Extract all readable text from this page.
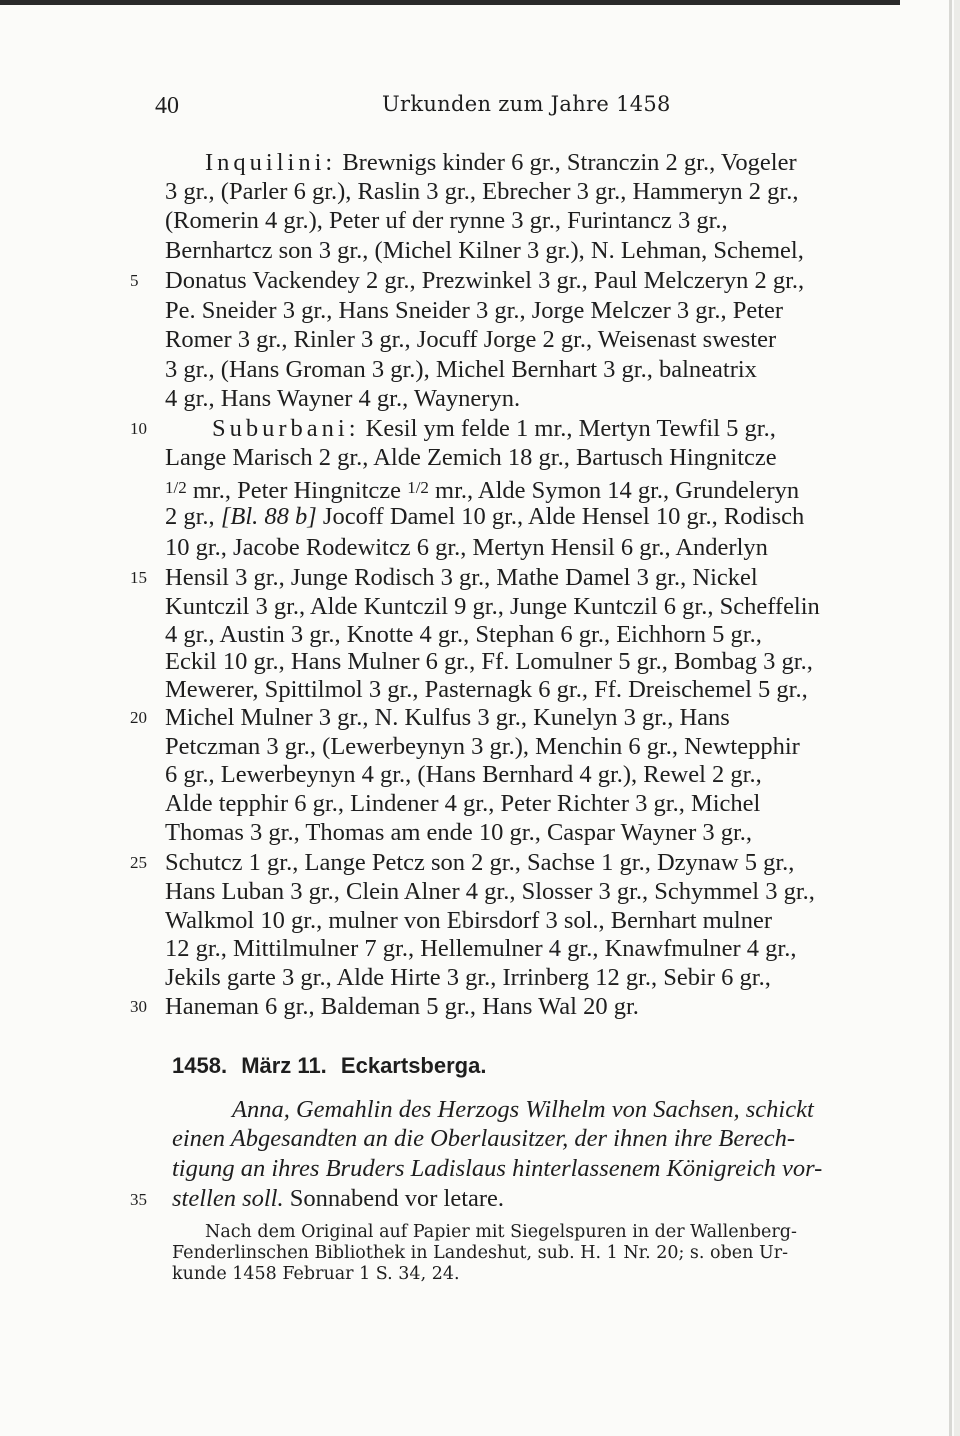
40	Urkunden zum Jahre 1458
5
10
15
20
25
30
35
Inquilini: Brewnigs kinder 6 gr., Stranczin 2 gr., Vogeler
3 gr., (Parler 6 gr.), Raslin 3 gr., Ebrecher 3 gr., Hammeryn 2 gr.,
(Romerin 4 gr.), Peter uf der rynne 3 gr., Furintancz 3 gr.,
Bernhartcz son 3 gr., (Michel Kilner 3 gr.), N. Lehman, Schemel,
Donatus Vackendey 2 gr., Prezwinkel 3 gr., Paul Melczeryn 2 gr.,
Pe. Sneider 3 gr., Hans Sneider 3 gr., Jorge Melczer 3 gr., Peter
Romer 3 gr., Rinler 3 gr., Jocuff Jorge 2 gr., Weisenast swester
3 gr., (Hans Groman 3 gr.), Michel Bernhart 3 gr., balneatrix
4 gr., Hans Wayner 4 gr., Waynerуn.
Suburbani: Kesil ym felde 1 mr., Mertyn Tewfil 5 gr.,
Lange Marisch 2 gr., Alde Zemich 18 gr., Bartusch Hingnitcze
$^{1/2}$ mr., Peter Hingnitcze $^{1/2}$ mr., Alde Symon 14 gr., Grundeleryn
2 gr., [Bl. 88 b] Jocoff Damel 10 gr., Alde Hensel 10 gr., Rodisch
10 gr., Jacobe Rodewitcz 6 gr., Mertyn Hensil 6 gr., Anderlyn
Hensil 3 gr., Junge Rodisch 3 gr., Mathe Damel 3 gr., Nickel
Kuntczil 3 gr., Alde Kuntczil 9 gr., Junge Kuntczil 6 gr., Scheffelin
4 gr., Austin 3 gr., Knotte 4 gr., Stephan 6 gr., Eichhorn 5 gr.,
Eckil 10 gr., Hans Mulner 6 gr., Ff. Lomulner 5 gr., Bombag 3 gr.,
Mewerer, Spittilmol 3 gr., Pasternagk 6 gr., Ff. Dreischemel 5 gr.,
Michel Mulner 3 gr., N. Kulfus 3 gr., Kunelyn 3 gr., Hans
Petczman 3 gr., (Lewerbeynyn 3 gr.), Menchin 6 gr., Newtepphir
6 gr., Lewerbeynyn 4 gr., (Hans Bernhard 4 gr.), Rewel 2 gr.,
Alde tepphir 6 gr., Lindener 4 gr., Peter Richter 3 gr., Michel
Thomas 3 gr., Thomas am ende 10 gr., Caspar Wayner 3 gr.,
Schutcz 1 gr., Lange Petcz son 2 gr., Sachse 1 gr., Dzynaw 5 gr.,
Hans Luban 3 gr., Clein Alner 4 gr., Slosser 3 gr., Schymmel 3 gr.,
Walkmol 10 gr., mulner von Ebirsdorf 3 sol., Bernhart mulner
12 gr., Mittilmulner 7 gr., Hellemulner 4 gr., Knawfmulner 4 gr.,
Jekils garte 3 gr., Alde Hirte 3 gr., Irrinberg 12 gr., Sebir 6 gr.,
Haneman 6 gr., Baldeman 5 gr., Hans Wal 20 gr.
1458. März 11. Eckartsberga.
Anna, Gemahlin des Herzogs Wilhelm von Sachsen, schickt
einen Abgesandten an die Oberlausitzer, der ihnen ihre Berech-
tigung an ihres Bruders Ladislaus hinterlassenem Königreich vor-
stellen soll. Sonnabend vor letare.
Nach dem Original auf Papier mit Siegelspuren in der Wallenberg-
Fenderlinschen Bibliothek in Landeshut, sub. H. 1 Nr. 20; s. oben Ur-
kunde 1458 Februar 1 S. 34, 24.
